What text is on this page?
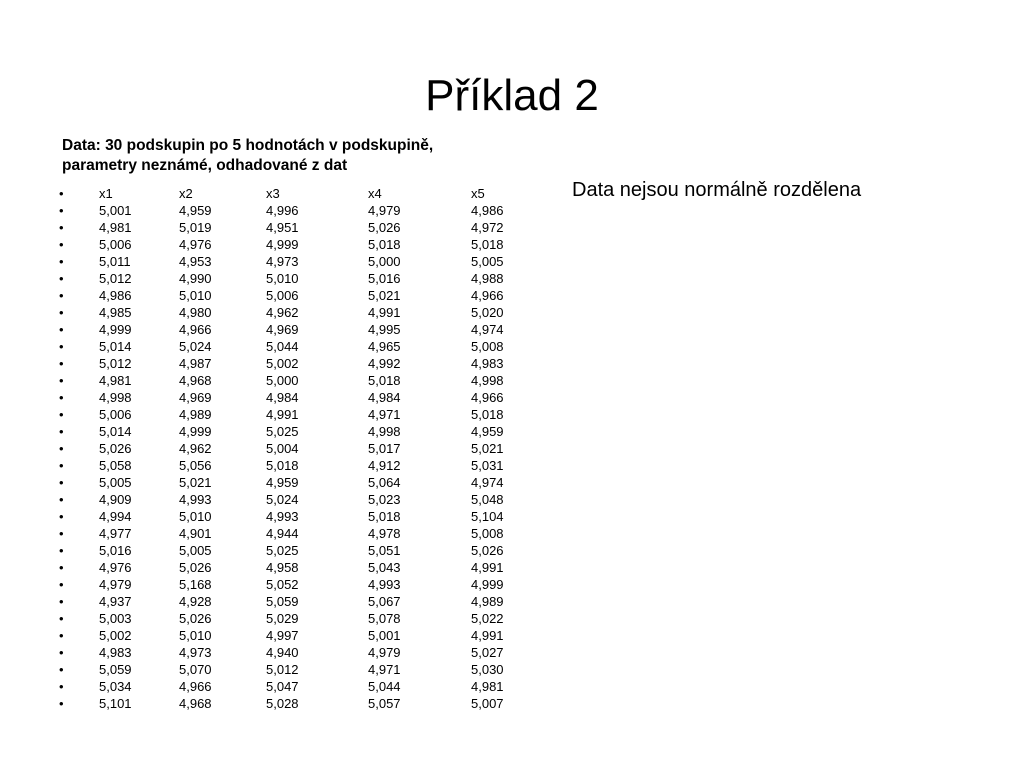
Příklad 2
Data: 30 podskupin po 5 hodnotách v podskupině,
parametry neznámé, odhadované z dat
Data nejsou normálně rozdělena
•	x1	x2	x3	x4	x5
•	5,001	4,959	4,996	4,979	4,986
•	4,981	5,019	4,951	5,026	4,972
•	5,006	4,976	4,999	5,018	5,018
•	5,011	4,953	4,973	5,000	5,005
•	5,012	4,990	5,010	5,016	4,988
•	4,986	5,010	5,006	5,021	4,966
•	4,985	4,980	4,962	4,991	5,020
•	4,999	4,966	4,969	4,995	4,974
•	5,014	5,024	5,044	4,965	5,008
•	5,012	4,987	5,002	4,992	4,983
•	4,981	4,968	5,000	5,018	4,998
•	4,998	4,969	4,984	4,984	4,966
•	5,006	4,989	4,991	4,971	5,018
•	5,014	4,999	5,025	4,998	4,959
•	5,026	4,962	5,004	5,017	5,021
•	5,058	5,056	5,018	4,912	5,031
•	5,005	5,021	4,959	5,064	4,974
•	4,909	4,993	5,024	5,023	5,048
•	4,994	5,010	4,993	5,018	5,104
•	4,977	4,901	4,944	4,978	5,008
•	5,016	5,005	5,025	5,051	5,026
•	4,976	5,026	4,958	5,043	4,991
•	4,979	5,168	5,052	4,993	4,999
•	4,937	4,928	5,059	5,067	4,989
•	5,003	5,026	5,029	5,078	5,022
•	5,002	5,010	4,997	5,001	4,991
•	4,983	4,973	4,940	4,979	5,027
•	5,059	5,070	5,012	4,971	5,030
•	5,034	4,966	5,047	5,044	4,981
•	5,101	4,968	5,028	5,057	5,007
